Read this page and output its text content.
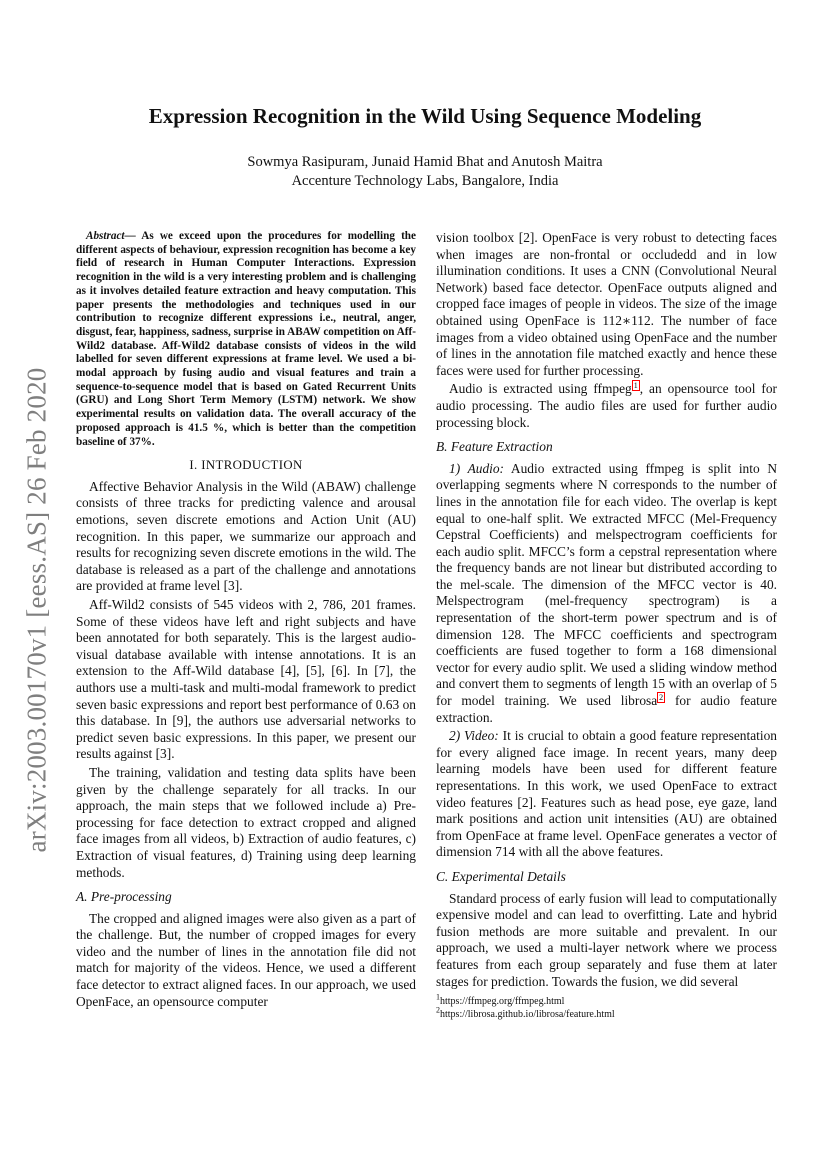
arXiv:2003.00170v1 [eess.AS] 26 Feb 2020
Expression Recognition in the Wild Using Sequence Modeling
Sowmya Rasipuram, Junaid Hamid Bhat and Anutosh Maitra
Accenture Technology Labs, Bangalore, India
Abstract— As we exceed upon the procedures for modelling the different aspects of behaviour, expression recognition has become a key field of research in Human Computer Interactions. Expression recognition in the wild is a very interesting problem and is challenging as it involves detailed feature extraction and heavy computation. This paper presents the methodologies and techniques used in our contribution to recognize different expressions i.e., neutral, anger, disgust, fear, happiness, sadness, surprise in ABAW competition on Aff-Wild2 database. Aff-Wild2 database consists of videos in the wild labelled for seven different expressions at frame level. We used a bi-modal approach by fusing audio and visual features and train a sequence-to-sequence model that is based on Gated Recurrent Units (GRU) and Long Short Term Memory (LSTM) network. We show experimental results on validation data. The overall accuracy of the proposed approach is 41.5 %, which is better than the competition baseline of 37%.
I. INTRODUCTION

Affective Behavior Analysis in the Wild (ABAW) challenge consists of three tracks for predicting valence and arousal emotions, seven discrete emotions and Action Unit (AU) recognition. In this paper, we summarize our approach and results for recognizing seven discrete emotions in the wild. The database is released as a part of the challenge and annotations are provided at frame level [3].

Aff-Wild2 consists of 545 videos with 2, 786, 201 frames. Some of these videos have left and right subjects and have been annotated for both separately. This is the largest audio-visual database available with intense annotations. It is an extension to the Aff-Wild database [4], [5], [6]. In [7], the authors use a multi-task and multi-modal framework to predict seven basic expressions and report best performance of 0.63 on this database. In [9], the authors use adversarial networks to predict seven basic expressions. In this paper, we present our results against [3].

The training, validation and testing data splits have been given by the challenge separately for all tracks. In our approach, the main steps that we followed include a) Pre-processing for face detection to extract cropped and aligned face images from all videos, b) Extraction of audio features, c) Extraction of visual features, d) Training using deep learning methods.

A. Pre-processing

The cropped and aligned images were also given as a part of the challenge. But, the number of cropped images for every video and the number of lines in the annotation file did not match for majority of the videos. Hence, we used a different face detector to extract aligned faces. In our approach, we used OpenFace, an opensource computer

vision toolbox [2]. OpenFace is very robust to detecting faces when images are non-frontal or occludedd and in low illumination conditions. It uses a CNN (Convolutional Neural Network) based face detector. OpenFace outputs aligned and cropped face images of people in videos. The size of the image obtained using OpenFace is 112∗112. The number of face images from a video obtained using OpenFace and the number of lines in the annotation file matched exactly and hence these faces were used for further processing.

Audio is extracted using ffmpeg $^1$ , an opensource tool for audio processing. The audio files are used for further audio processing block.

B. Feature Extraction

1) Audio: Audio extracted using ffmpeg is split into N overlapping segments where N corresponds to the number of lines in the annotation file for each video. The overlap is kept equal to one-half split. We extracted MFCC (Mel-Frequency Cepstral Coefficients) and melspectrogram coefficients for each audio split. MFCC’s form a cepstral representation where the frequency bands are not linear but distributed according to the mel-scale. The dimension of the MFCC vector is 40. Melspectrogram (mel-frequency spectrogram) is a representation of the short-term power spectrum and is of dimension 128. The MFCC coefficients and spectrogram coefficients are fused together to form a 168 dimensional vector for every audio split. We used a sliding window method and convert them to segments of length 15 with an overlap of 5 for model training. We used librosa $^2$ for audio feature extraction.

2) Video: It is crucial to obtain a good feature representation for every aligned face image. In recent years, many deep learning models have been used for different feature representations. In this work, we used OpenFace to extract video features [2]. Features such as head pose, eye gaze, land mark positions and action unit intensities (AU) are obtained from OpenFace at frame level. OpenFace generates a vector of dimension 714 with all the above features.

C. Experimental Details

Standard process of early fusion will lead to computationally expensive model and can lead to overfitting. Late and hybrid fusion methods are more suitable and prevalent. In our approach, we used a multi-layer network where we process features from each group separately and fuse them at later stages for prediction. Towards the fusion, we did several

$^1$https://ffmpeg.org/ffmpeg.html
$^2$https://librosa.github.io/librosa/feature.html
